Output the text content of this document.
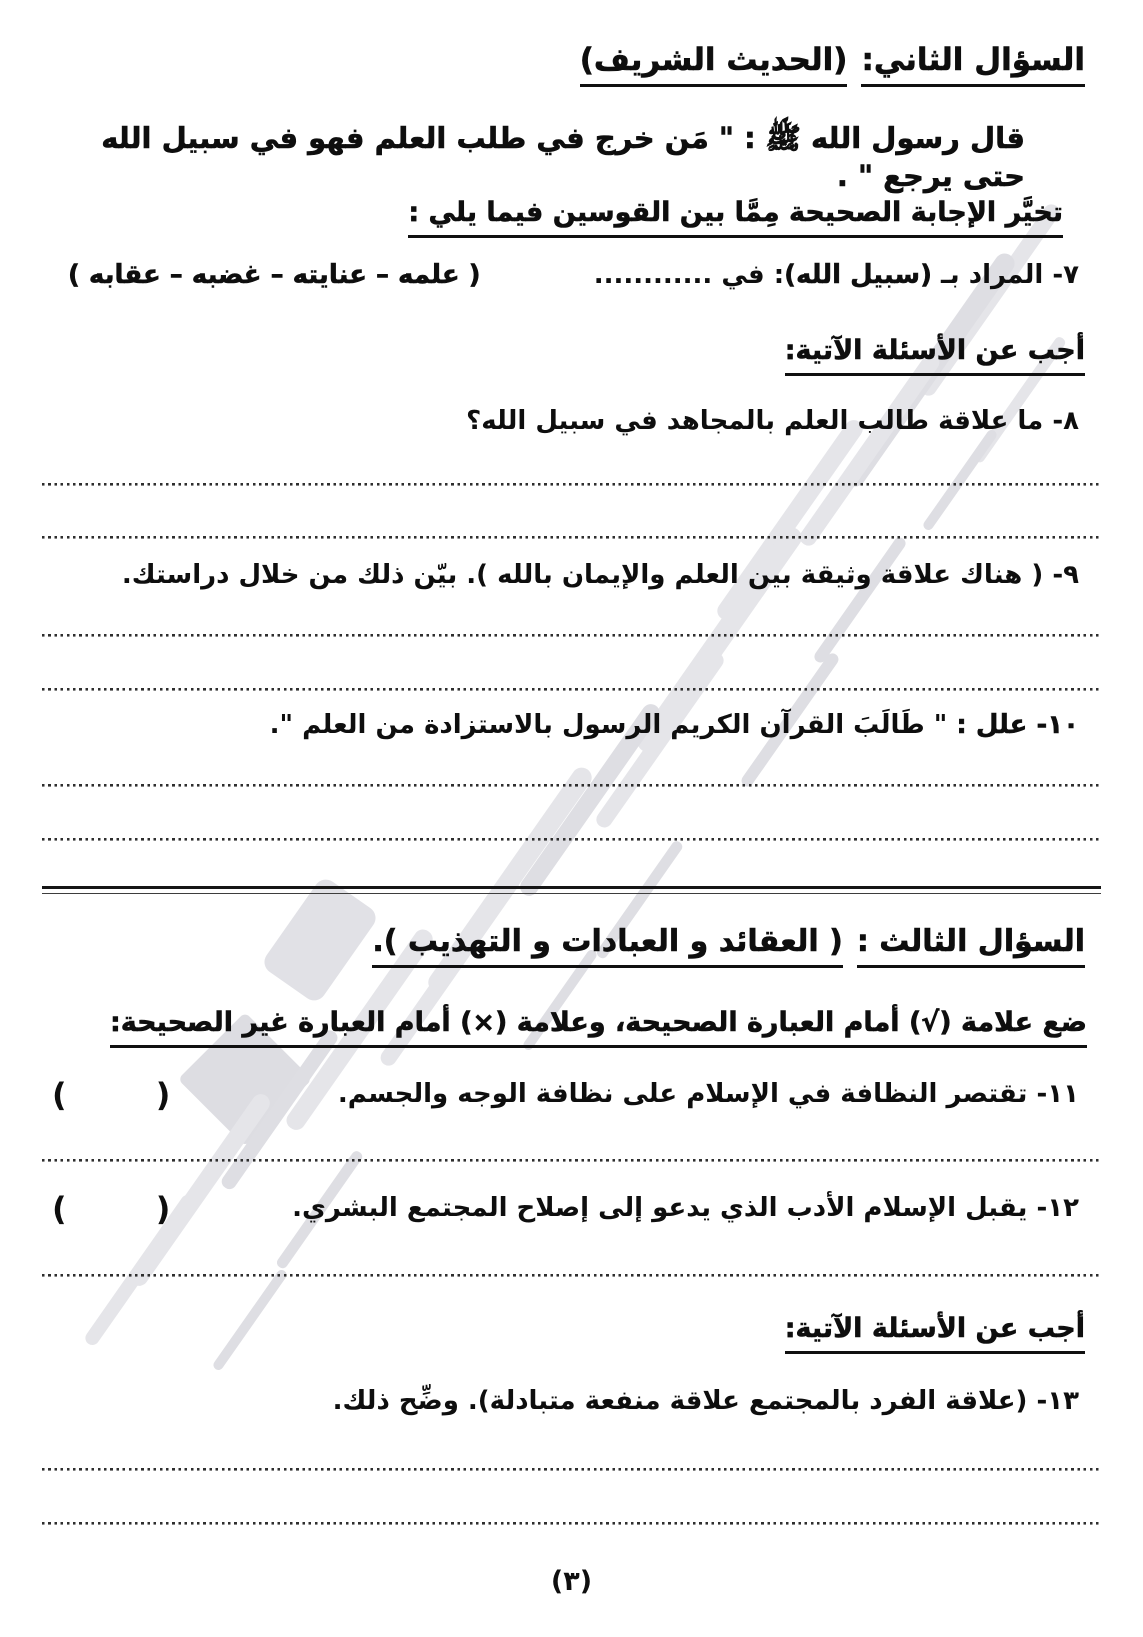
السؤال الثاني:(الحديث الشريف)

قال رسول الله ﷺ : " مَن خرج في طلب العلم فهو في سبيل الله حتى يرجع " .

تخيَّر الإجابة الصحيحة مِمَّا بين القوسين فيما يلي :

٧- المراد بـ (سبيل الله): في ............
( علمه – عنايته – غضبه – عقابه )

أجب عن الأسئلة الآتية:

٨- ما علاقة طالب العلم بالمجاهد في سبيل الله؟

٩- ( هناك علاقة وثيقة بين العلم والإيمان بالله ). بيّن ذلك من خلال دراستك.

١٠- علل : " طَالَبَ القرآن الكريم الرسول بالاستزادة من العلم ".

السؤال الثالث :( العقائد و العبادات و التهذيب ).

ضع علامة (√) أمام العبارة الصحيحة، وعلامة (×) أمام العبارة غير الصحيحة:

١١- تقتصر النظافة في الإسلام على نظافة الوجه والجسم.
(        )
١٢- يقبل الإسلام الأدب الذي يدعو إلى إصلاح المجتمع البشري.
(        )

أجب عن الأسئلة الآتية:

١٣- (علاقة الفرد بالمجتمع علاقة منفعة متبادلة). وضِّح ذلك.

(٣)
